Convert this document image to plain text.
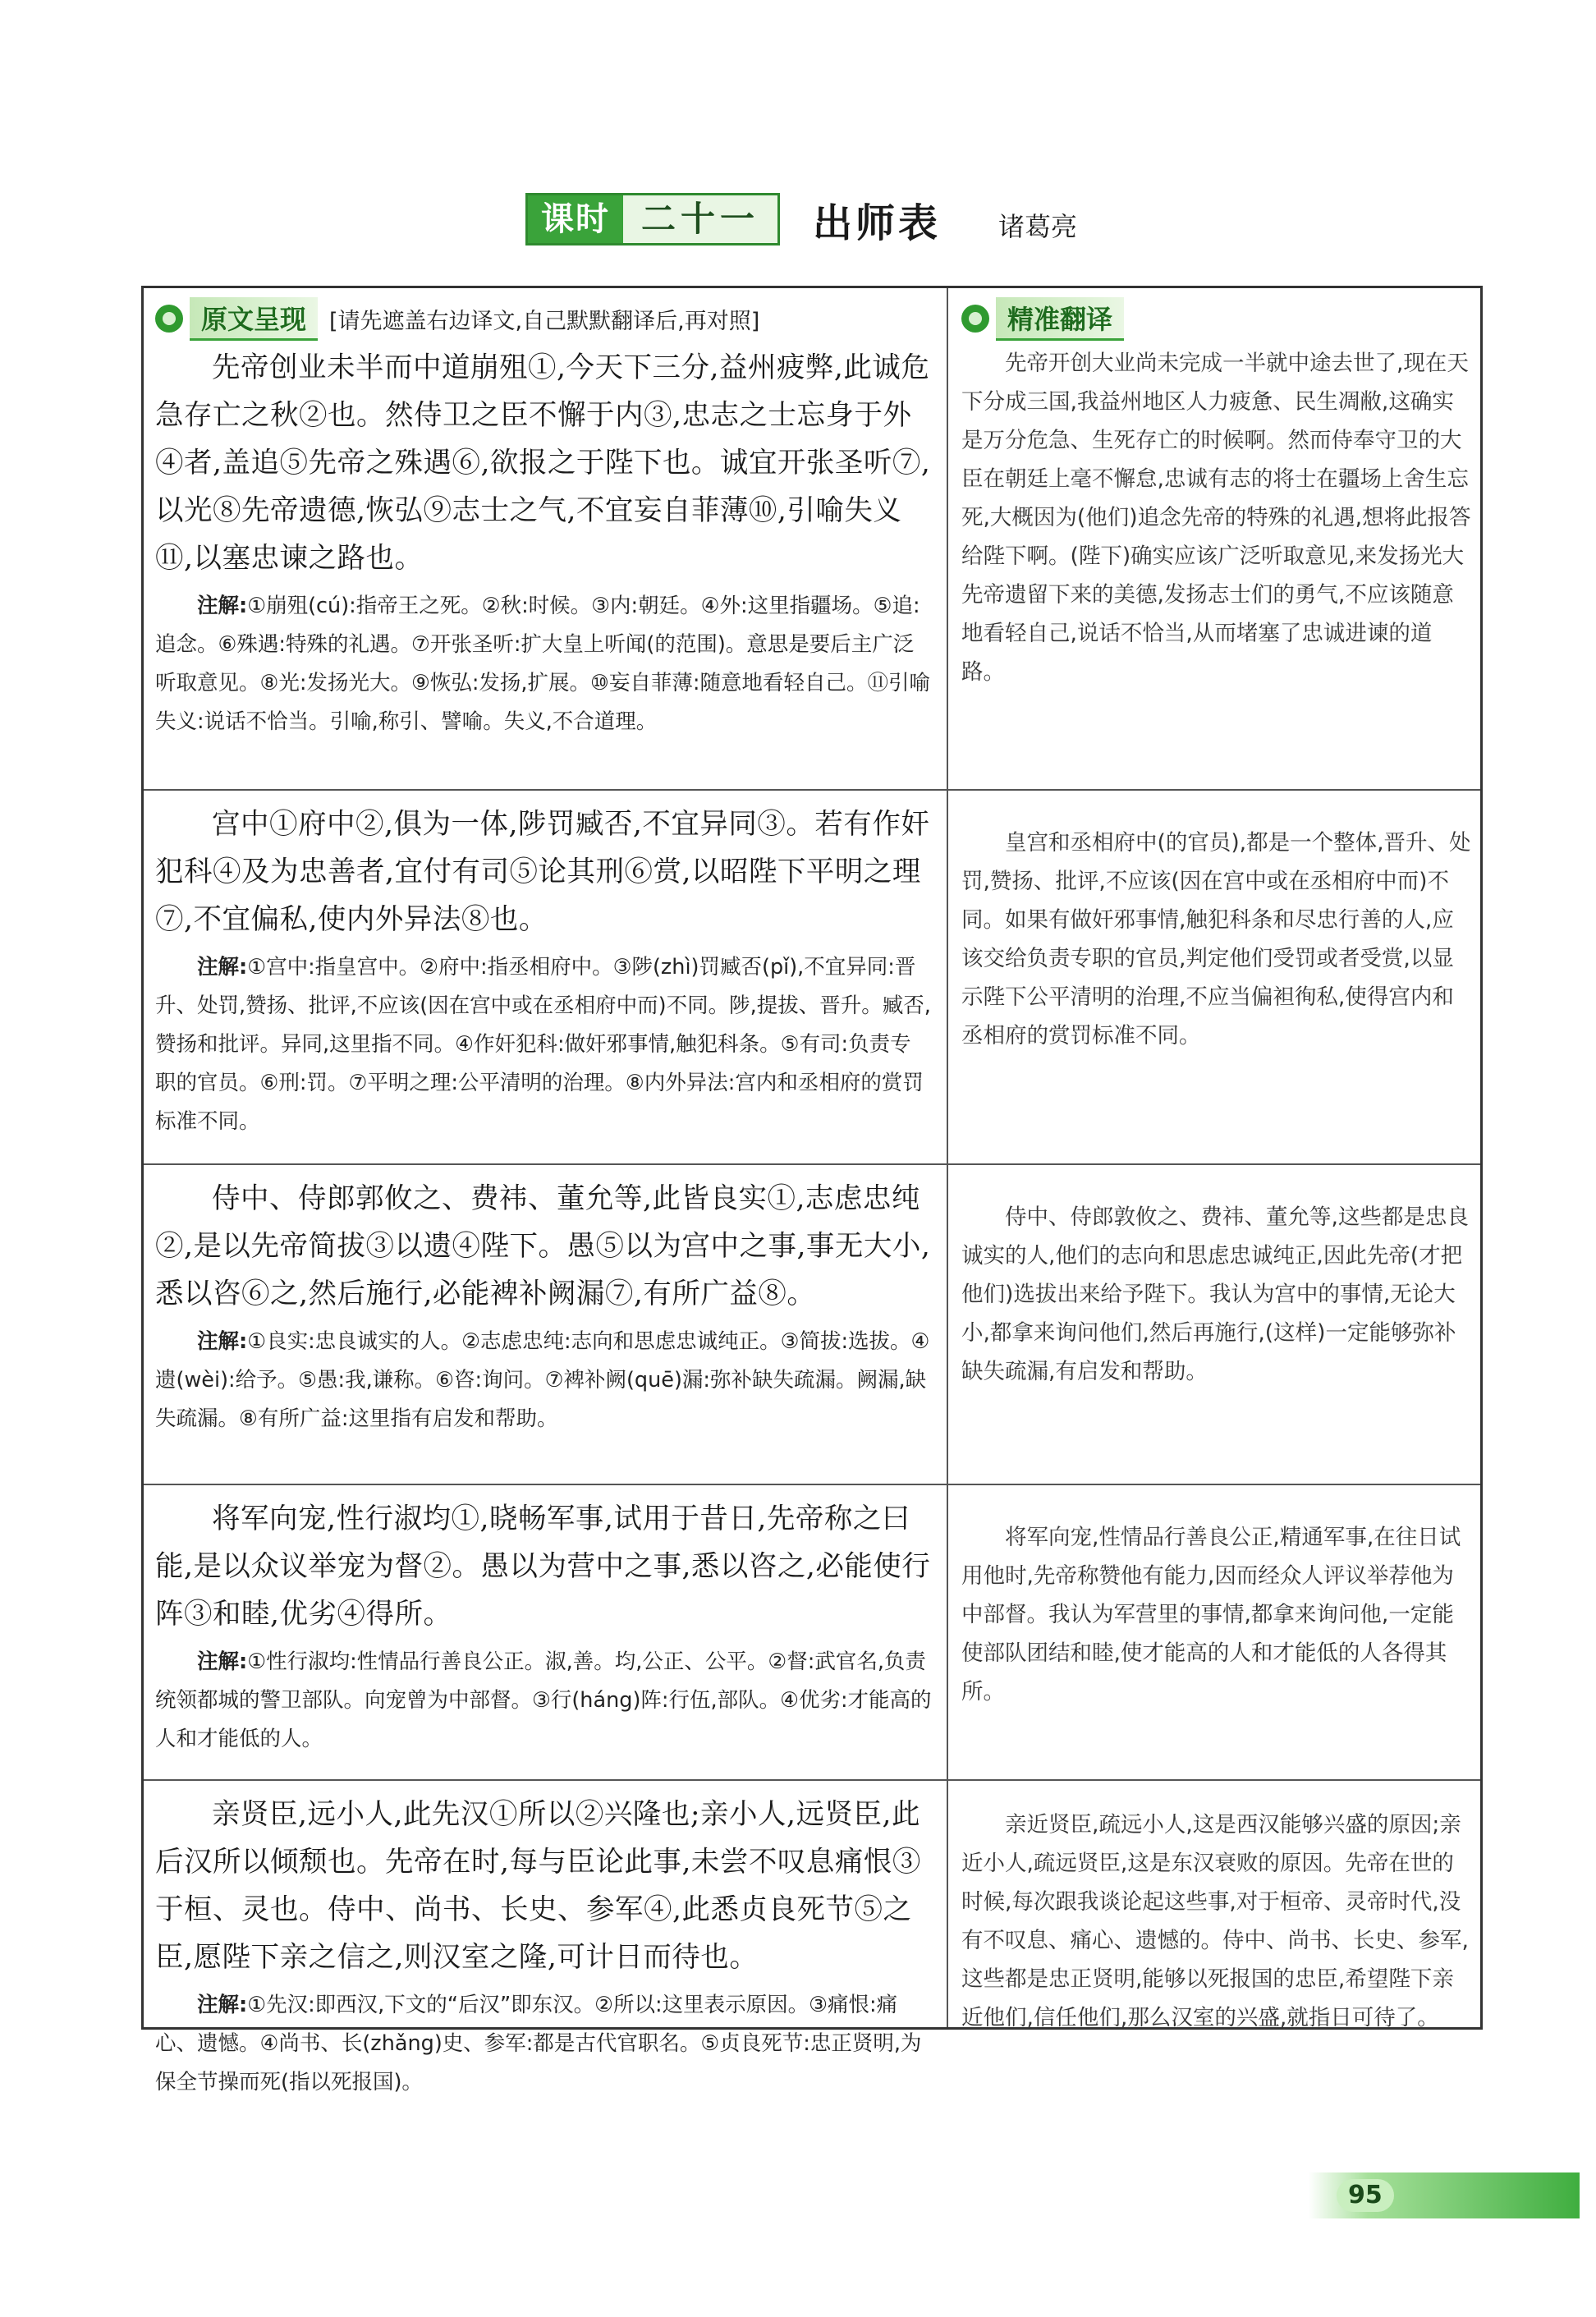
课时 二十一	出师表 诸葛亮
原文呈现	[请先遮盖右边译文,自己默默翻译后,再对照]

先帝创业未半而中道崩殂①,今天下三分,益州疲弊,此诚危急存亡之秋②也。然侍卫之臣不懈于内③,忠志之士忘身于外④者,盖追⑤先帝之殊遇⑥,欲报之于陛下也。诚宜开张圣听⑦,以光⑧先帝遗德,恢弘⑨志士之气,不宜妄自菲薄⑩,引喻失义⑪,以塞忠谏之路也。

注解:①崩殂(cú):指帝王之死。②秋:时候。③内:朝廷。④外:这里指疆场。⑤追:追念。⑥殊遇:特殊的礼遇。⑦开张圣听:扩大皇上听闻(的范围)。意思是要后主广泛听取意见。⑧光:发扬光大。⑨恢弘:发扬,扩展。⑩妄自菲薄:随意地看轻自己。⑪引喻失义:说话不恰当。引喻,称引、譬喻。失义,不合道理。

精准翻译

先帝开创大业尚未完成一半就中途去世了,现在天下分成三国,我益州地区人力疲惫、民生凋敝,这确实是万分危急、生死存亡的时候啊。然而侍奉守卫的大臣在朝廷上毫不懈怠,忠诚有志的将士在疆场上舍生忘死,大概因为(他们)追念先帝的特殊的礼遇,想将此报答给陛下啊。(陛下)确实应该广泛听取意见,来发扬光大先帝遗留下来的美德,发扬志士们的勇气,不应该随意地看轻自己,说话不恰当,从而堵塞了忠诚进谏的道路。

宫中①府中②,俱为一体,陟罚臧否,不宜异同③。若有作奸犯科④及为忠善者,宜付有司⑤论其刑⑥赏,以昭陛下平明之理⑦,不宜偏私,使内外异法⑧也。

注解:①宫中:指皇宫中。②府中:指丞相府中。③陟(zhì)罚臧否(pǐ),不宜异同:晋升、处罚,赞扬、批评,不应该(因在宫中或在丞相府中而)不同。陟,提拔、晋升。臧否,赞扬和批评。异同,这里指不同。④作奸犯科:做奸邪事情,触犯科条。⑤有司:负责专职的官员。⑥刑:罚。⑦平明之理:公平清明的治理。⑧内外异法:宫内和丞相府的赏罚标准不同。

皇宫和丞相府中(的官员),都是一个整体,晋升、处罚,赞扬、批评,不应该(因在宫中或在丞相府中而)不同。如果有做奸邪事情,触犯科条和尽忠行善的人,应该交给负责专职的官员,判定他们受罚或者受赏,以显示陛下公平清明的治理,不应当偏袒徇私,使得宫内和丞相府的赏罚标准不同。

侍中、侍郎郭攸之、费祎、董允等,此皆良实①,志虑忠纯②,是以先帝简拔③以遗④陛下。愚⑤以为宫中之事,事无大小,悉以咨⑥之,然后施行,必能裨补阙漏⑦,有所广益⑧。

注解:①良实:忠良诚实的人。②志虑忠纯:志向和思虑忠诚纯正。③简拔:选拔。④遗(wèi):给予。⑤愚:我,谦称。⑥咨:询问。⑦裨补阙(quē)漏:弥补缺失疏漏。阙漏,缺失疏漏。⑧有所广益:这里指有启发和帮助。

侍中、侍郎敦攸之、费祎、董允等,这些都是忠良诚实的人,他们的志向和思虑忠诚纯正,因此先帝(才把他们)选拔出来给予陛下。我认为宫中的事情,无论大小,都拿来询问他们,然后再施行,(这样)一定能够弥补缺失疏漏,有启发和帮助。

将军向宠,性行淑均①,晓畅军事,试用于昔日,先帝称之曰能,是以众议举宠为督②。愚以为营中之事,悉以咨之,必能使行阵③和睦,优劣④得所。

注解:①性行淑均:性情品行善良公正。淑,善。均,公正、公平。②督:武官名,负责统领都城的警卫部队。向宠曾为中部督。③行(háng)阵:行伍,部队。④优劣:才能高的人和才能低的人。

将军向宠,性情品行善良公正,精通军事,在往日试用他时,先帝称赞他有能力,因而经众人评议举荐他为中部督。我认为军营里的事情,都拿来询问他,一定能使部队团结和睦,使才能高的人和才能低的人各得其所。

亲贤臣,远小人,此先汉①所以②兴隆也;亲小人,远贤臣,此后汉所以倾颓也。先帝在时,每与臣论此事,未尝不叹息痛恨③于桓、灵也。侍中、尚书、长史、参军④,此悉贞良死节⑤之臣,愿陛下亲之信之,则汉室之隆,可计日而待也。

注解:①先汉:即西汉,下文的“后汉”即东汉。②所以:这里表示原因。③痛恨:痛心、遗憾。④尚书、长(zhǎng)史、参军:都是古代官职名。⑤贞良死节:忠正贤明,为保全节操而死(指以死报国)。

亲近贤臣,疏远小人,这是西汉能够兴盛的原因;亲近小人,疏远贤臣,这是东汉衰败的原因。先帝在世的时候,每次跟我谈论起这些事,对于桓帝、灵帝时代,没有不叹息、痛心、遗憾的。侍中、尚书、长史、参军,这些都是忠正贤明,能够以死报国的忠臣,希望陛下亲近他们,信任他们,那么汉室的兴盛,就指日可待了。

95
